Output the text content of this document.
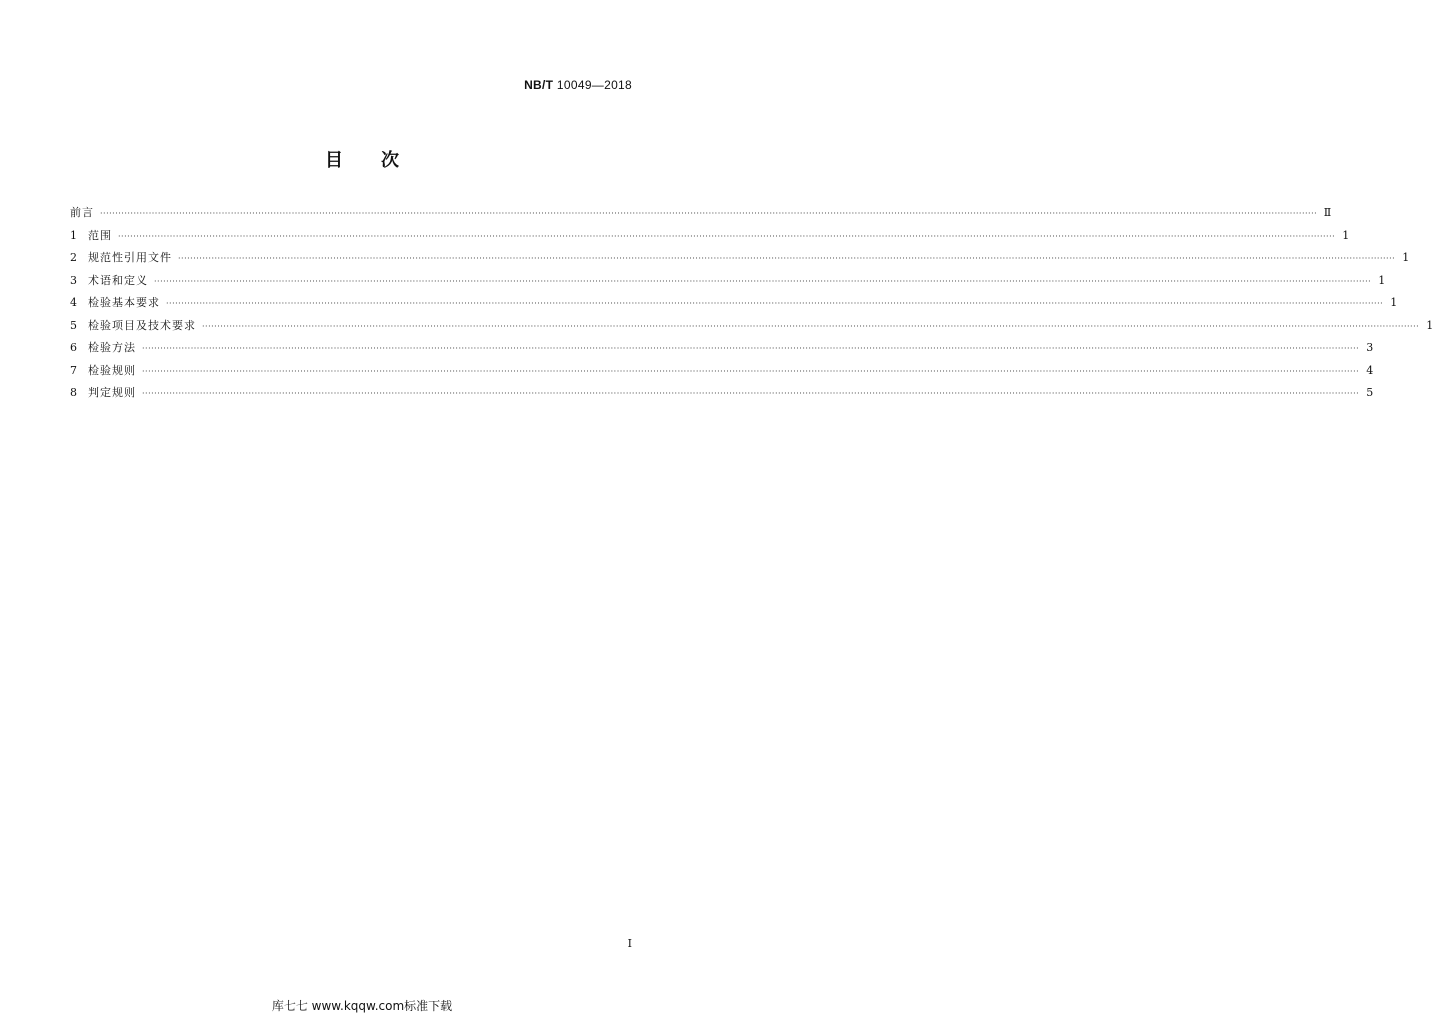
NB/T 10049—2018
目次
前言 ················································································································································································································································································································································································································ Ⅱ
1	范围 ················································································································································································································································································································································································································ 1
2	规范性引用文件 ················································································································································································································································································································································································································ 1
3	术语和定义 ················································································································································································································································································································································································································ 1
4	检验基本要求 ················································································································································································································································································································································································································ 1
5	检验项目及技术要求 ················································································································································································································································································································································································································ 1
6	检验方法 ················································································································································································································································································································································································································ 3
7	检验规则 ················································································································································································································································································································································································································ 4
8	判定规则 ················································································································································································································································································································································································································ 5
I
库七七 www.kqqw.com标准下载
